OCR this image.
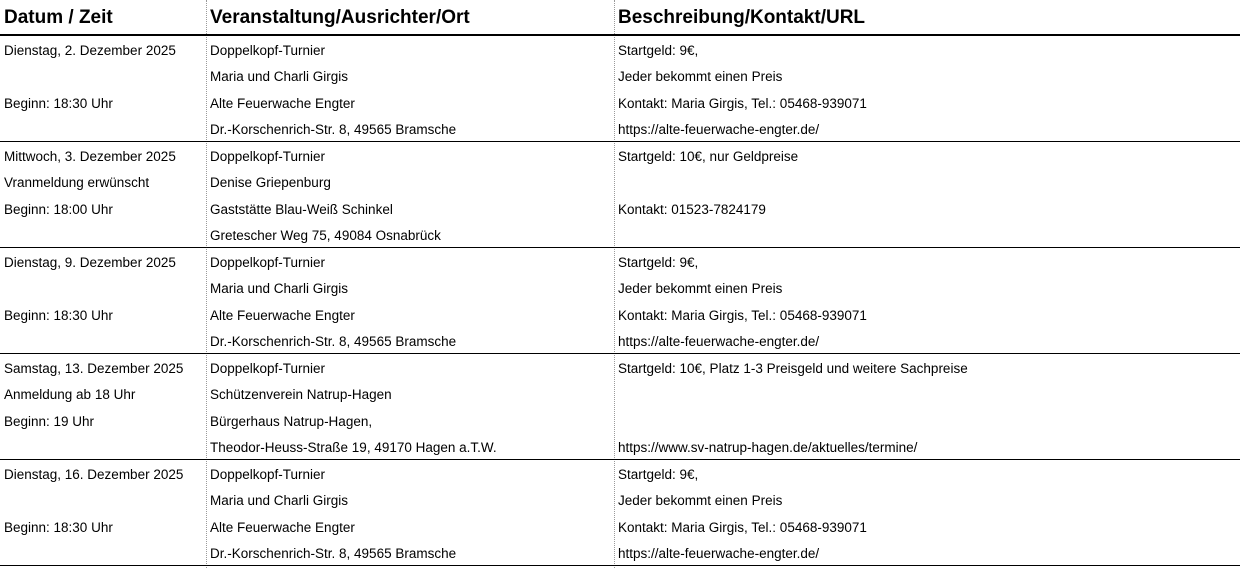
Datum / Zeit	Veranstaltung/Ausrichter/Ort	Beschreibung/Kontakt/URL
Dienstag, 2. Dezember 2025
Beginn: 18:30 Uhr
Doppelkopf-Turnier
Maria und Charli Girgis
Alte Feuerwache Engter
Dr.-Korschenrich-Str. 8, 49565 Bramsche
Startgeld: 9€,
Jeder bekommt einen Preis
Kontakt: Maria Girgis, Tel.: 05468-939071
https://alte-feuerwache-engter.de/
Mittwoch, 3. Dezember 2025
Vranmeldung erwünscht
Beginn: 18:00 Uhr
Doppelkopf-Turnier
Denise Griepenburg
Gaststätte Blau-Weiß Schinkel
Gretescher Weg 75, 49084 Osnabrück
Startgeld: 10€, nur Geldpreise
Kontakt: 01523-7824179
Dienstag, 9. Dezember 2025
Beginn: 18:30 Uhr
Doppelkopf-Turnier
Maria und Charli Girgis
Alte Feuerwache Engter
Dr.-Korschenrich-Str. 8, 49565 Bramsche
Startgeld: 9€,
Jeder bekommt einen Preis
Kontakt: Maria Girgis, Tel.: 05468-939071
https://alte-feuerwache-engter.de/
Samstag, 13. Dezember 2025
Anmeldung ab 18 Uhr
Beginn: 19 Uhr
Doppelkopf-Turnier
Schützenverein Natrup-Hagen
Bürgerhaus Natrup-Hagen,
Theodor-Heuss-Straße 19, 49170 Hagen a.T.W.
Startgeld: 10€, Platz 1-3 Preisgeld und weitere Sachpreise
https://www.sv-natrup-hagen.de/aktuelles/termine/
Dienstag, 16. Dezember 2025
Beginn: 18:30 Uhr
Doppelkopf-Turnier
Maria und Charli Girgis
Alte Feuerwache Engter
Dr.-Korschenrich-Str. 8, 49565 Bramsche
Startgeld: 9€,
Jeder bekommt einen Preis
Kontakt: Maria Girgis, Tel.: 05468-939071
https://alte-feuerwache-engter.de/
